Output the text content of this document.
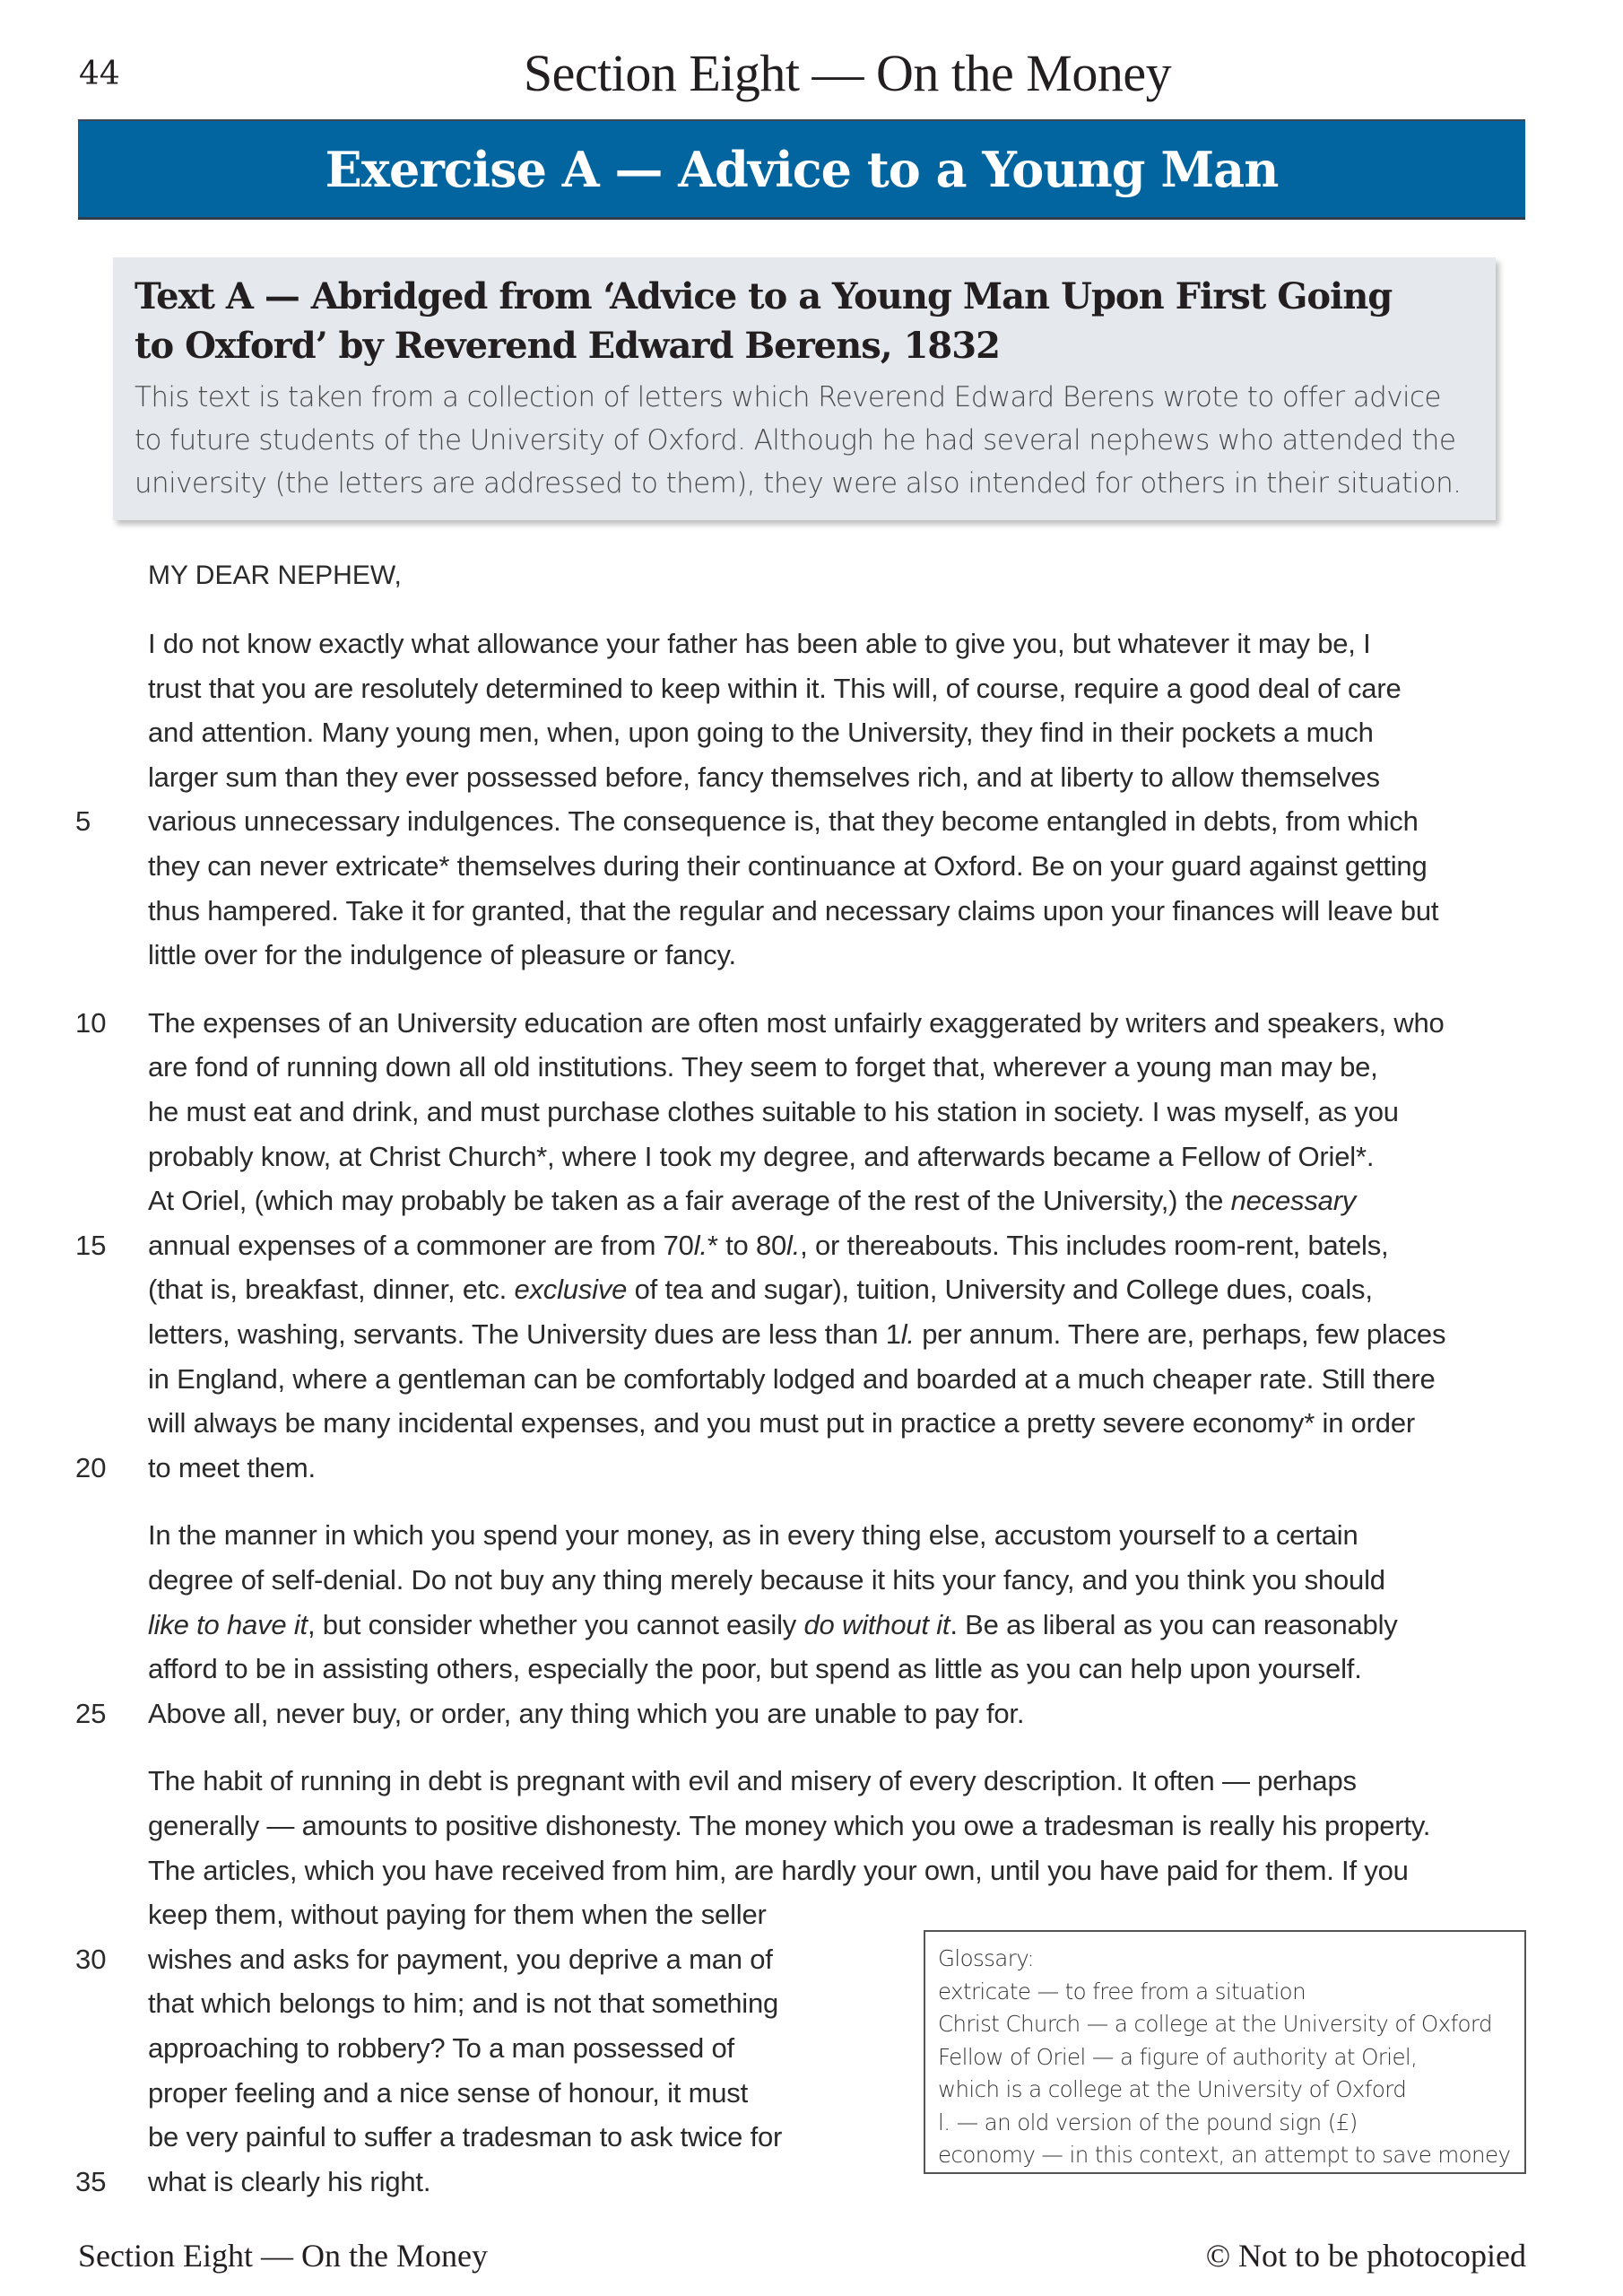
44	Section Eight — On the Money
Exercise A — Advice to a Young Man
Text A — Abridged from ‘Advice to a Young Man Upon First Going
to Oxford’ by Reverend Edward Berens, 1832
This text is taken from a collection of letters which Reverend Edward Berens wrote to offer advice
to future students of the University of Oxford. Although he had several nephews who attended the
university (the letters are addressed to them), they were also intended for others in their situation.
MY DEAR NEPHEW,
I do not know exactly what allowance your father has been able to give you, but whatever it may be, I
trust that you are resolutely determined to keep within it. This will, of course, require a good deal of care
and attention. Many young men, when, upon going to the University, they find in their pockets a much
larger sum than they ever possessed before, fancy themselves rich, and at liberty to allow themselves
various unnecessary indulgences. The consequence is, that they become entangled in debts, from which
5
they can never extricate* themselves during their continuance at Oxford. Be on your guard against getting
thus hampered. Take it for granted, that the regular and necessary claims upon your finances will leave but
little over for the indulgence of pleasure or fancy.
The expenses of an University education are often most unfairly exaggerated by writers and speakers, who
10
are fond of running down all old institutions. They seem to forget that, wherever a young man may be,
he must eat and drink, and must purchase clothes suitable to his station in society. I was myself, as you
probably know, at Christ Church*, where I took my degree, and afterwards became a Fellow of Oriel*.
At Oriel, (which may probably be taken as a fair average of the rest of the University,) the necessary
annual expenses of a commoner are from 70l.* to 80l., or thereabouts. This includes room-rent, batels,
15
(that is, breakfast, dinner, etc. exclusive of tea and sugar), tuition, University and College dues, coals,
letters, washing, servants. The University dues are less than 1l. per annum. There are, perhaps, few places
in England, where a gentleman can be comfortably lodged and boarded at a much cheaper rate. Still there
will always be many incidental expenses, and you must put in practice a pretty severe economy* in order
to meet them.
20
In the manner in which you spend your money, as in every thing else, accustom yourself to a certain
degree of self-denial. Do not buy any thing merely because it hits your fancy, and you think you should
like to have it, but consider whether you cannot easily do without it. Be as liberal as you can reasonably
afford to be in assisting others, especially the poor, but spend as little as you can help upon yourself.
Above all, never buy, or order, any thing which you are unable to pay for.
25
The habit of running in debt is pregnant with evil and misery of every description. It often — perhaps
generally — amounts to positive dishonesty. The money which you owe a tradesman is really his property.
The articles, which you have received from him, are hardly your own, until you have paid for them. If you
keep them, without paying for them when the seller
wishes and asks for payment, you deprive a man of
30
that which belongs to him; and is not that something
approaching to robbery? To a man possessed of
proper feeling and a nice sense of honour, it must
be very painful to suffer a tradesman to ask twice for
what is clearly his right.
35
Glossary:
extricate — to free from a situation
Christ Church — a college at the University of Oxford
Fellow of Oriel — a figure of authority at Oriel,
which is a college at the University of Oxford
l. — an old version of the pound sign (£)
economy — in this context, an attempt to save money
Section Eight — On the Money	© Not to be photocopied
